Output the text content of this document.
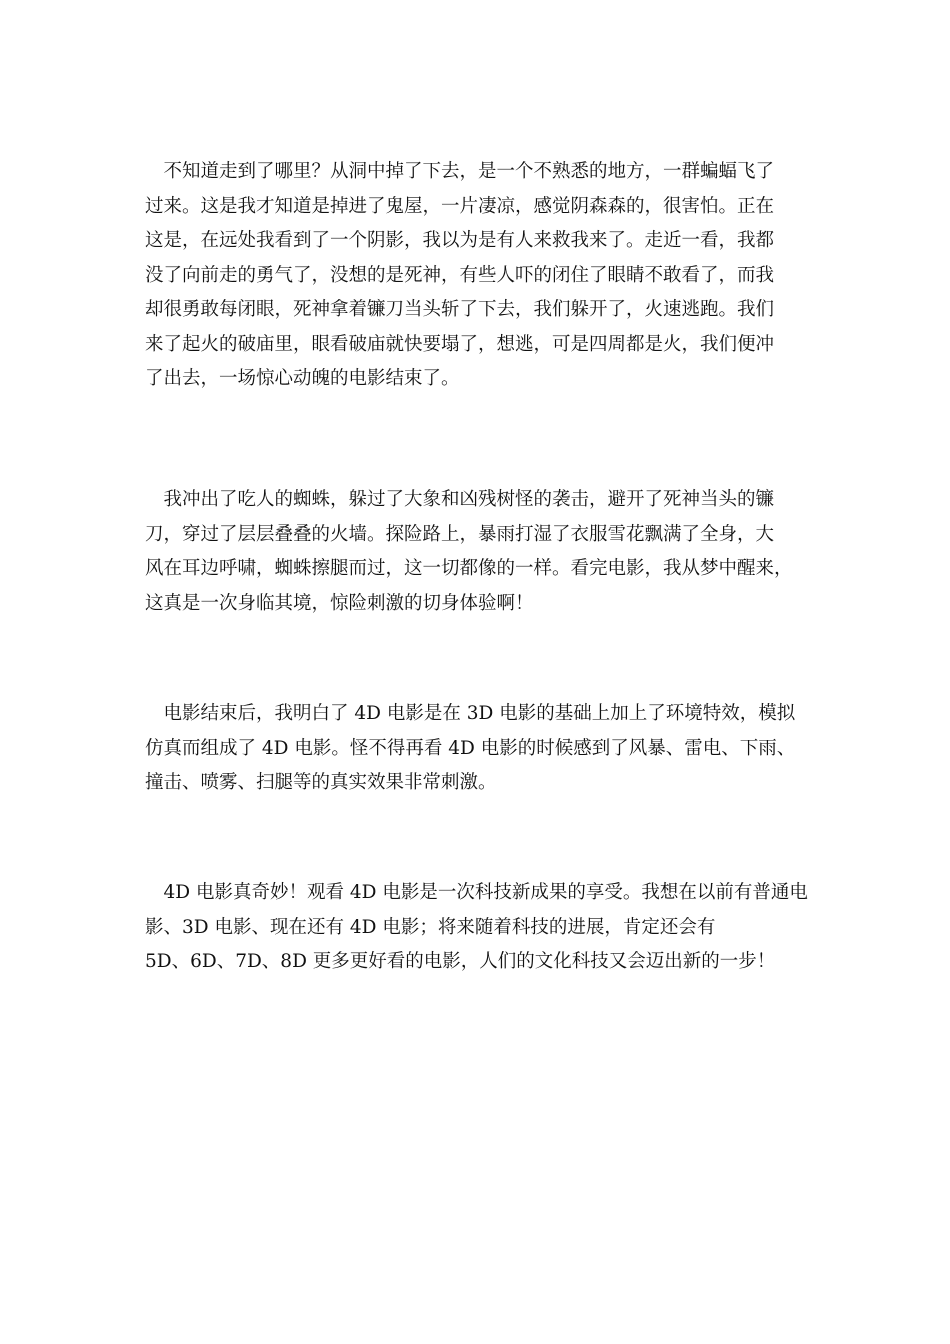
　不知道走到了哪里？从洞中掉了下去，是一个不熟悉的地方，一群蝙蝠飞了
过来。这是我才知道是掉进了鬼屋，一片凄凉，感觉阴森森的，很害怕。正在
这是，在远处我看到了一个阴影，我以为是有人来救我来了。走近一看，我都
没了向前走的勇气了，没想的是死神，有些人吓的闭住了眼睛不敢看了，而我
却很勇敢每闭眼，死神拿着镰刀当头斩了下去，我们躲开了，火速逃跑。我们
来了起火的破庙里，眼看破庙就快要塌了，想逃，可是四周都是火，我们便冲
了出去，一场惊心动魄的电影结束了。
　我冲出了吃人的蜘蛛，躲过了大象和凶残树怪的袭击，避开了死神当头的镰
刀，穿过了层层叠叠的火墙。探险路上，暴雨打湿了衣服雪花飘满了全身，大
风在耳边呼啸，蜘蛛擦腿而过，这一切都像的一样。看完电影，我从梦中醒来，
这真是一次身临其境，惊险刺激的切身体验啊！
　电影结束后，我明白了 4D 电影是在 3D 电影的基础上加上了环境特效，模拟
仿真而组成了 4D 电影。怪不得再看 4D 电影的时候感到了风暴、雷电、下雨、
撞击、喷雾、扫腿等的真实效果非常刺激。
　4D 电影真奇妙！观看 4D 电影是一次科技新成果的享受。我想在以前有普通电
影、3D 电影、现在还有 4D 电影；将来随着科技的进展，肯定还会有
5D、6D、7D、8D 更多更好看的电影，人们的文化科技又会迈出新的一步！
